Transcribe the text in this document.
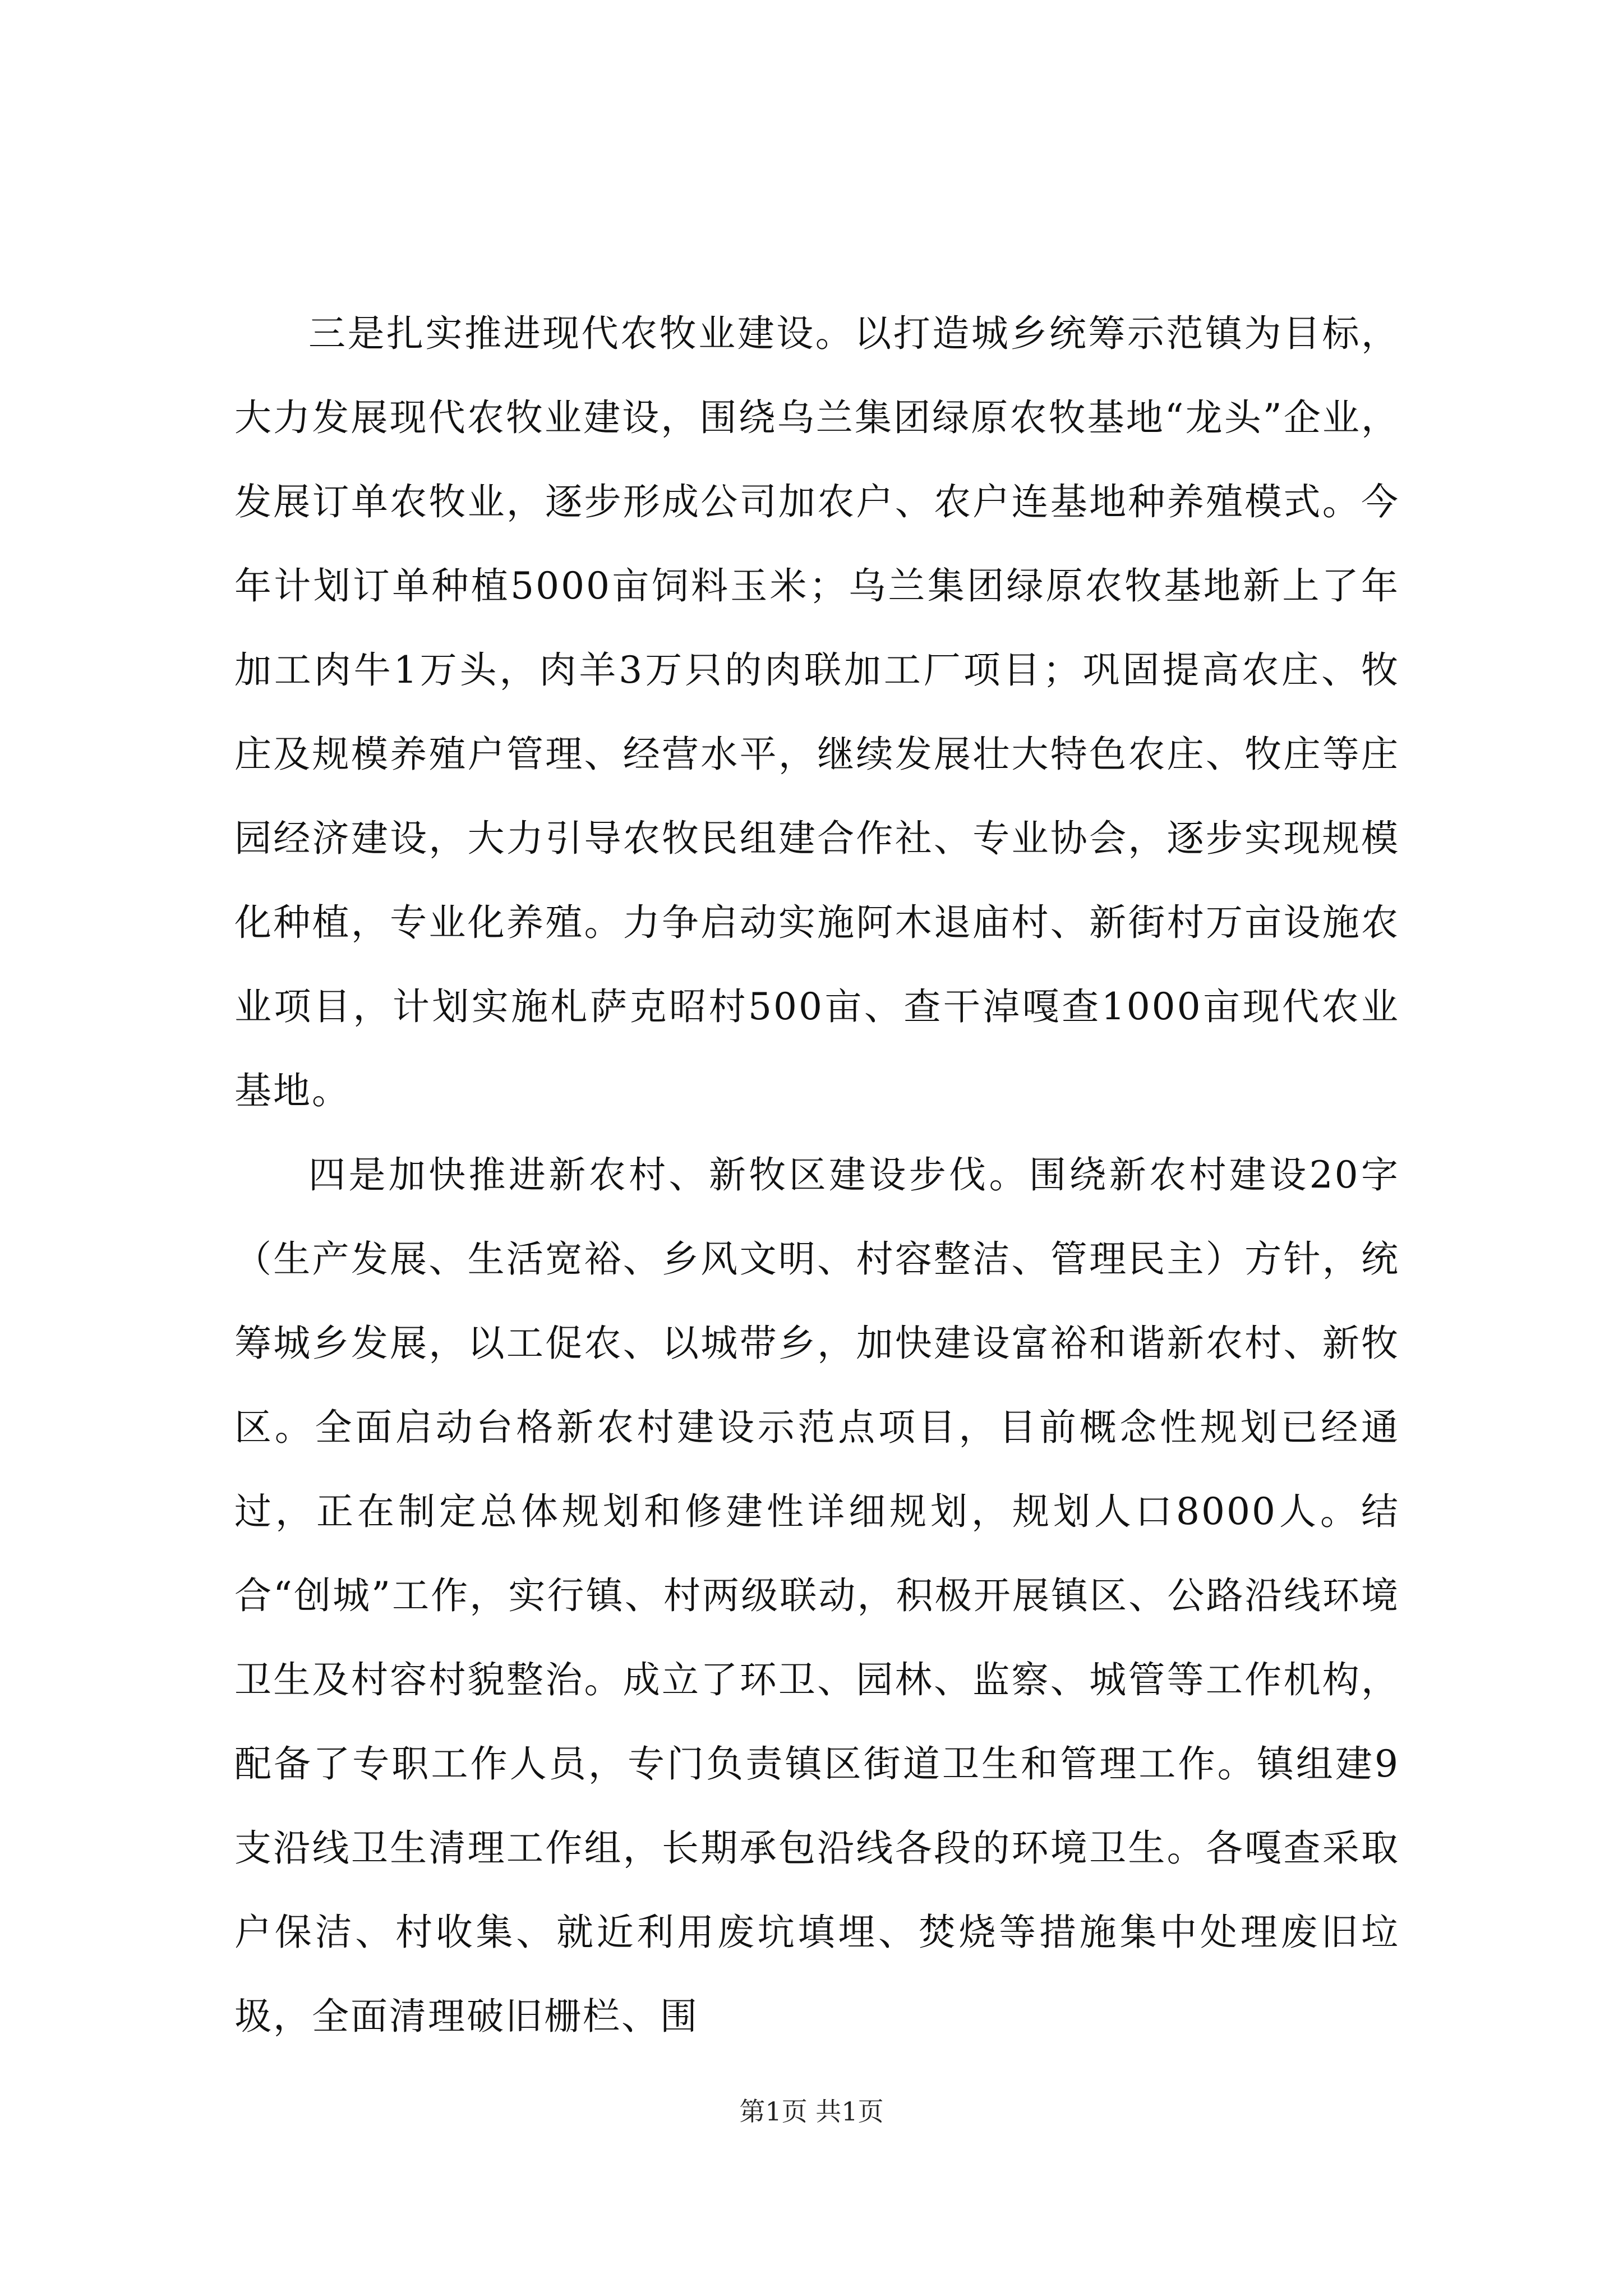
三是扎实推进现代农牧业建设。以打造城乡统筹示范镇为目标，大力发展现代农牧业建设，围绕乌兰集团绿原农牧基地“龙头”企业，发展订单农牧业，逐步形成公司加农户、农户连基地种养殖模式。今年计划订单种植5000亩饲料玉米；乌兰集团绿原农牧基地新上了年加工肉牛1万头，肉羊3万只的肉联加工厂项目；巩固提高农庄、牧庄及规模养殖户管理、经营水平，继续发展壮大特色农庄、牧庄等庄园经济建设，大力引导农牧民组建合作社、专业协会，逐步实现规模化种植，专业化养殖。力争启动实施阿木退庙村、新街村万亩设施农业项目，计划实施札萨克昭村500亩、查干淖嘎查1000亩现代农业基地。

四是加快推进新农村、新牧区建设步伐。围绕新农村建设20字（生产发展、生活宽裕、乡风文明、村容整洁、管理民主）方针，统筹城乡发展，以工促农、以城带乡，加快建设富裕和谐新农村、新牧区。全面启动台格新农村建设示范点项目，目前概念性规划已经通过，正在制定总体规划和修建性详细规划，规划人口8000人。结合“创城”工作，实行镇、村两级联动，积极开展镇区、公路沿线环境卫生及村容村貌整治。成立了环卫、园林、监察、城管等工作机构，配备了专职工作人员，专门负责镇区街道卫生和管理工作。镇组建9支沿线卫生清理工作组，长期承包沿线各段的环境卫生。各嘎查采取户保洁、村收集、就近利用废坑填埋、焚烧等措施集中处理废旧垃圾，全面清理破旧栅栏、围

第1页 共1页
